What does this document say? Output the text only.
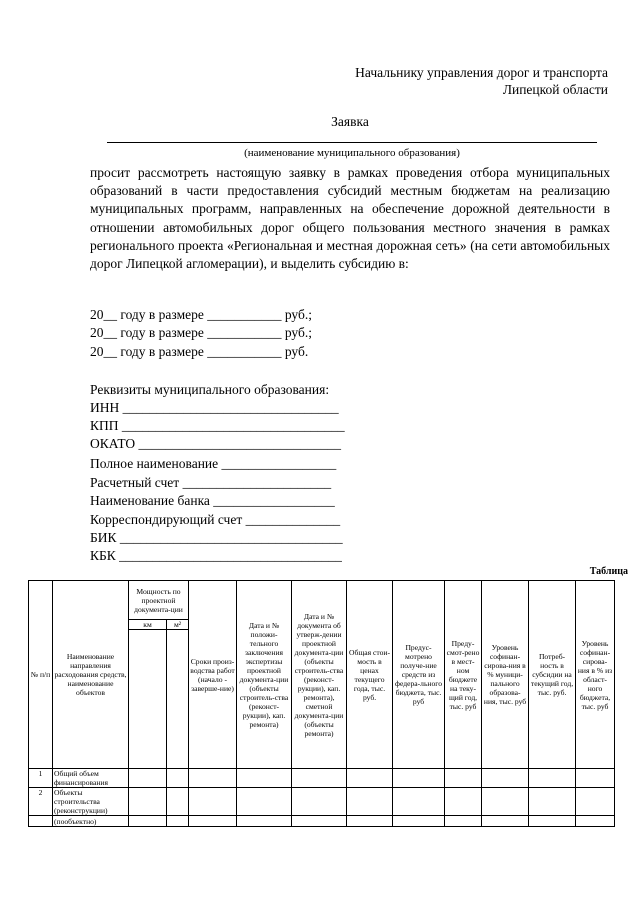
Начальнику управления дорог и транспорта
Липецкой области
Заявка
(наименование муниципального образования)
просит рассмотреть настоящую заявку в рамках проведения отбора муниципальных образований в части предоставления субсидий местным бюджетам на реализацию муниципальных программ, направленных на обеспечение дорожной деятельности в отношении автомобильных дорог общего пользования местного значения в рамках регионального проекта «Региональная и местная дорожная сеть» (на сети автомобильных дорог Липецкой агломерации), и выделить субсидию в:
20__ году в размере ___________ руб.;
20__ году в размере ___________ руб.;
20__ году в размере ___________ руб.
Реквизиты муниципального образования:
ИНН ________________________________
КПП _________________________________
ОКАТО ______________________________
Полное наименование _________________
Расчетный счет ______________________
Наименование банка __________________
Корреспондирующий счет ______________
БИК _________________________________
КБК _________________________________
Таблица
№ п/п	Наименование направления расходования средств, наименование объектов	Мощность по проектной документа-ции		Сроки произ-водства работ (начало - заверше-ние)	Дата и № положи-тельного заключения экспертизы проектной документа-ции (объекты строитель-ства (реконст-рукции), кап. ремонта)	Дата и № документа об утверж-дении проектной документа-ции (объекты строитель-ства (реконст-рукции), кап. ремонта), сметной документа-ции (объекты ремонта)	Общая стои-мость в ценах текущего года, тыс. руб.	Предус-мотрено получе-ние средств из федера-льного бюджета, тыс. руб	Преду-смот-рено в мест-ном бюджете на теку-щий год, тыс. руб	Уровень софинан-сирова-ния в % муници-пального образова-ния, тыс. руб	Потреб-ность в субсидии на текущий год, тыс. руб.	Уровень софинан-сирова-ния в % из област-ного бюджета, тыс. руб
		км	м²									

1	Общий объем финансирования											
2	Объекты строительства (реконструкции)											
	(пообъектно)											
